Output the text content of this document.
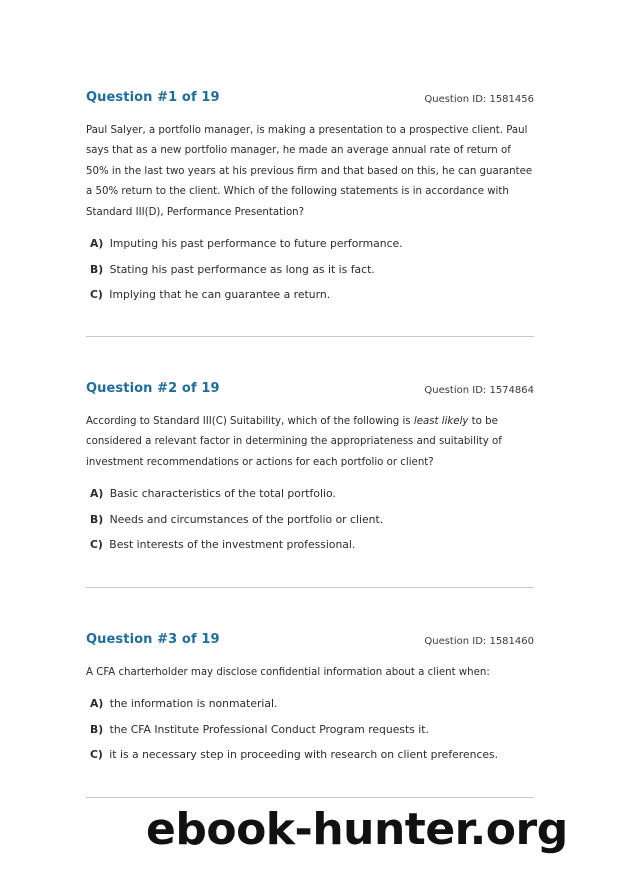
Question #1 of 19	Question ID: 1581456

Paul Salyer, a portfolio manager, is making a presentation to a prospective client. Paul says that as a new portfolio manager, he made an average annual rate of return of 50% in the last two years at his previous firm and that based on this, he can guarantee a 50% return to the client. Which of the following statements is in accordance with Standard III(D), Performance Presentation?

A) Imputing his past performance to future performance.
B) Stating his past performance as long as it is fact.
C) Implying that he can guarantee a return.
Question #2 of 19	Question ID: 1574864

According to Standard III(C) Suitability, which of the following is least likely to be considered a relevant factor in determining the appropriateness and suitability of investment recommendations or actions for each portfolio or client?

A) Basic characteristics of the total portfolio.
B) Needs and circumstances of the portfolio or client.
C) Best interests of the investment professional.
Question #3 of 19	Question ID: 1581460

A CFA charterholder may disclose confidential information about a client when:

A) the information is nonmaterial.
B) the CFA Institute Professional Conduct Program requests it.
C) it is a necessary step in proceeding with research on client preferences.
ebook-hunter.org
